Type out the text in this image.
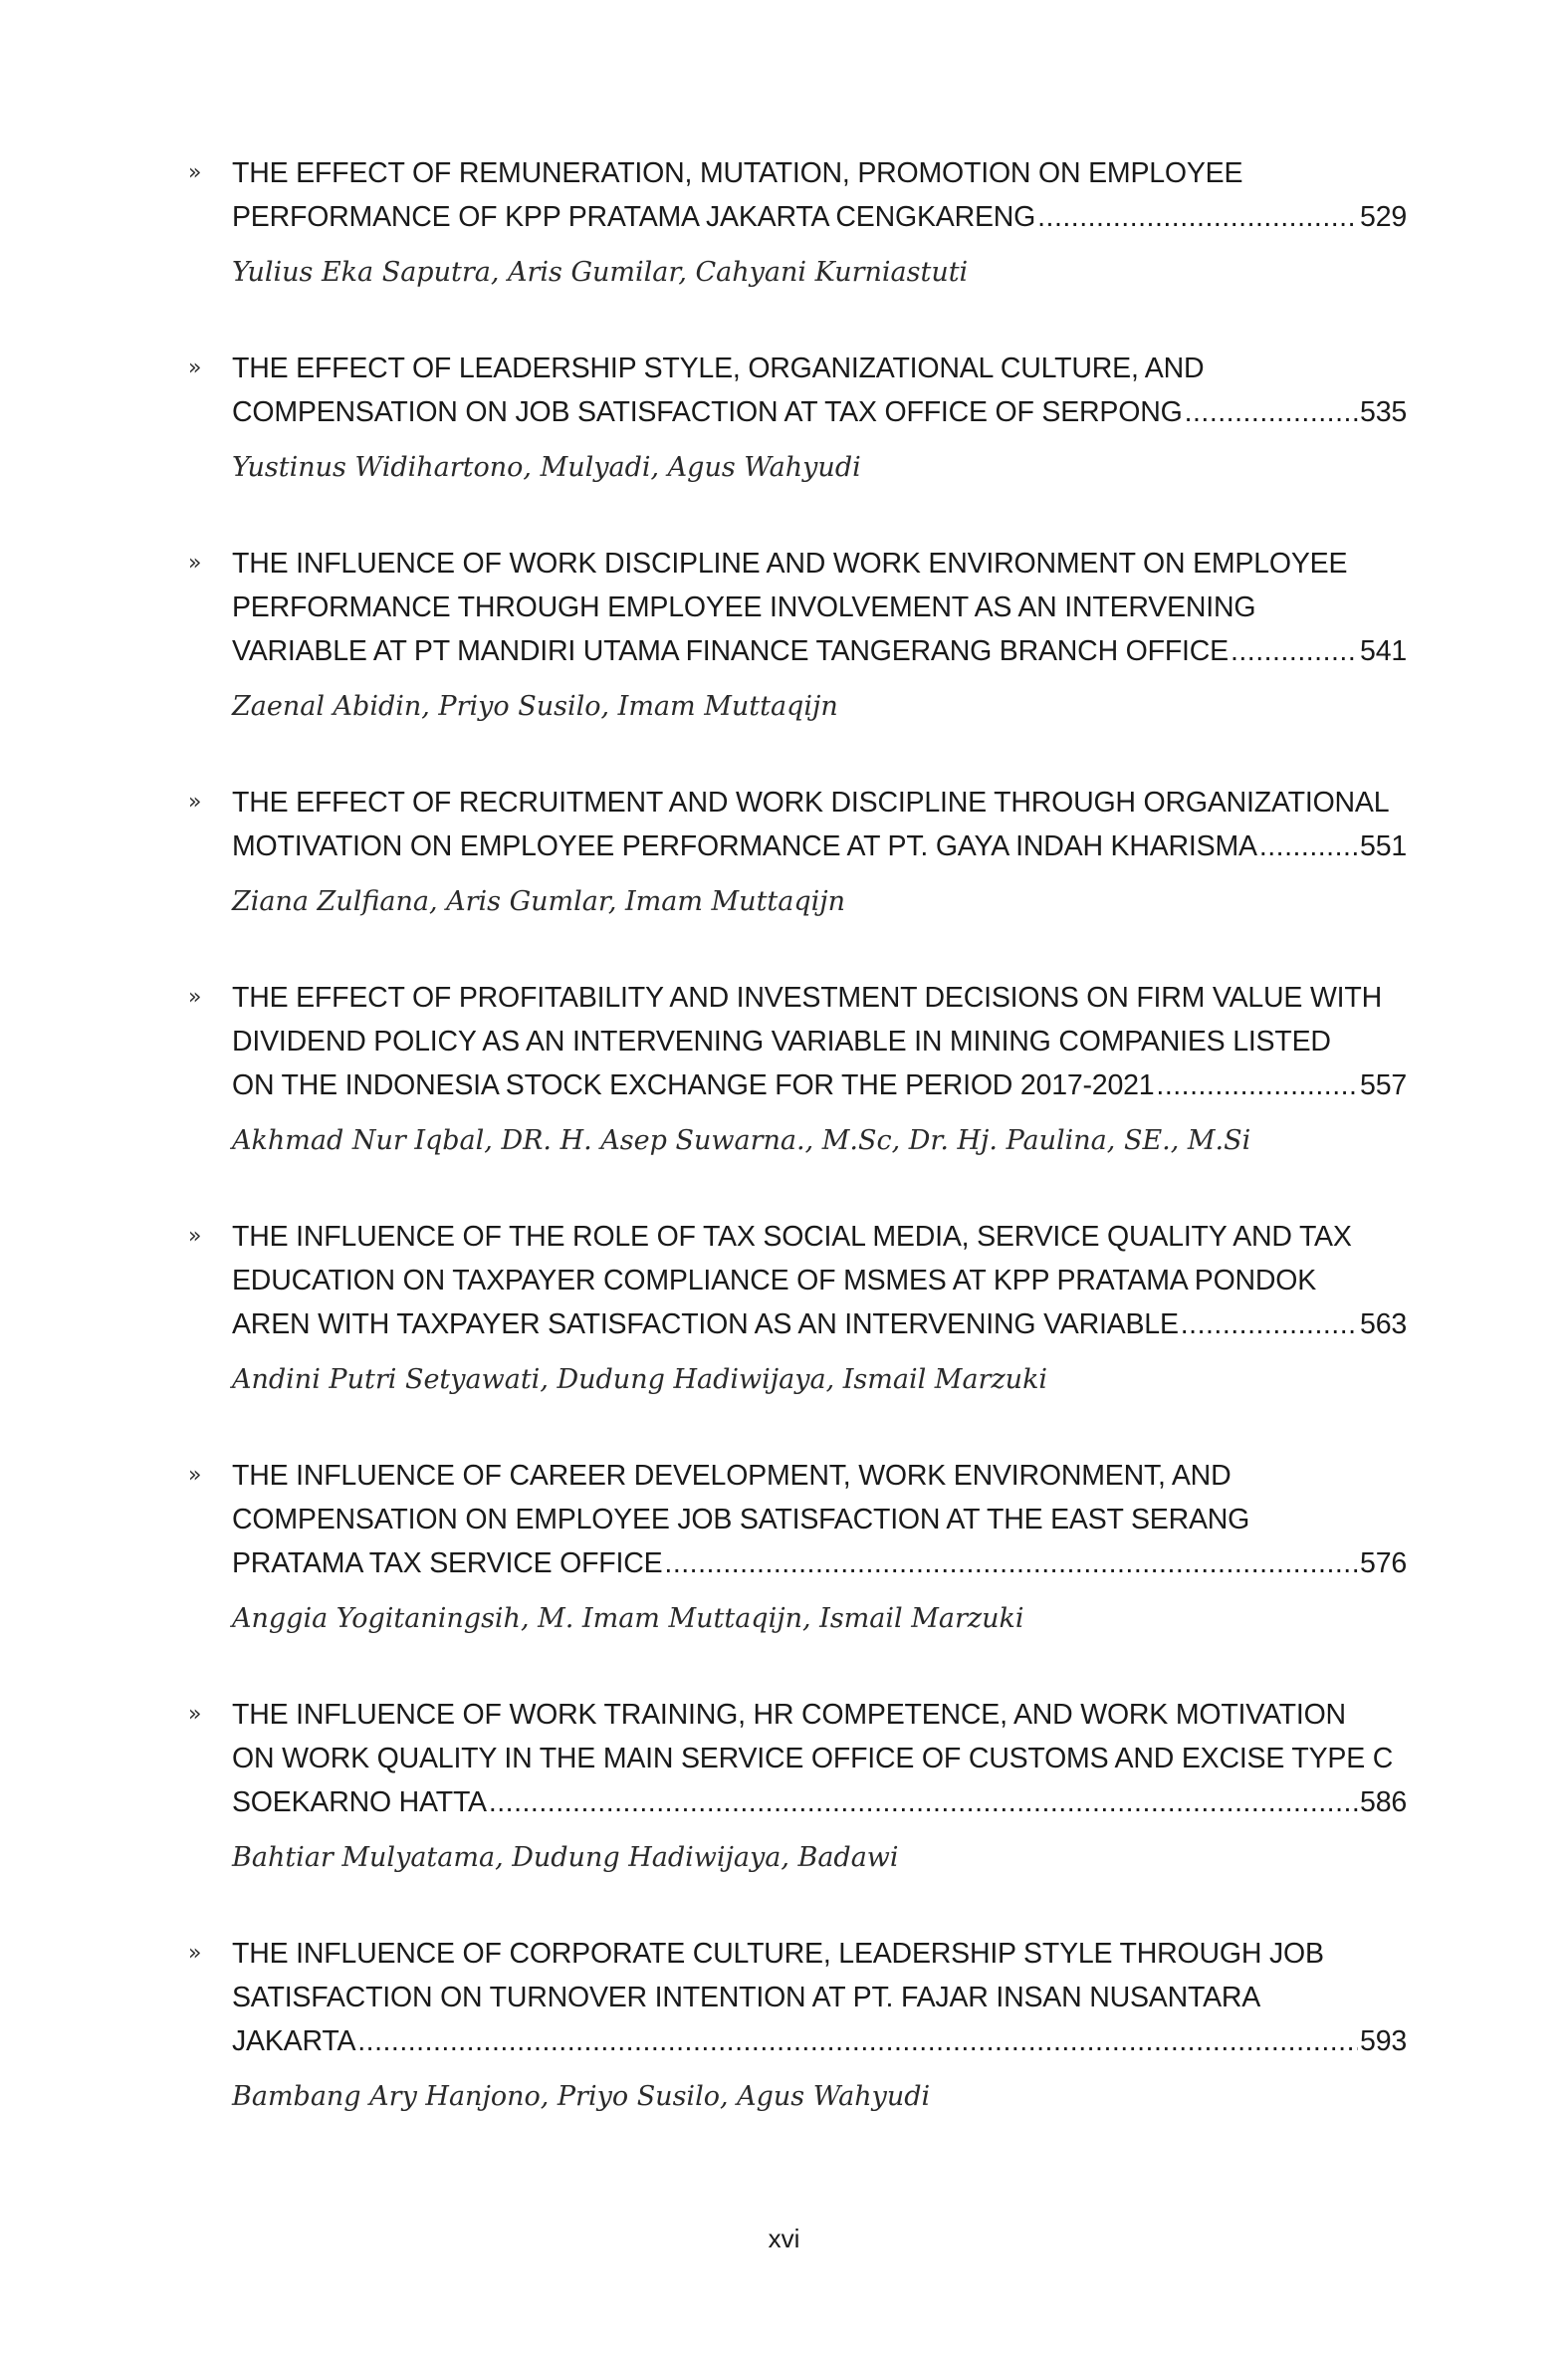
» THE EFFECT OF REMUNERATION, MUTATION, PROMOTION ON EMPLOYEE
PERFORMANCE OF KPP PRATAMA JAKARTA CENGKARENG .....	529
Yulius Eka Saputra, Aris Gumilar, Cahyani Kurniastuti
» THE EFFECT OF LEADERSHIP STYLE, ORGANIZATIONAL CULTURE, AND
COMPENSATION ON JOB SATISFACTION AT TAX OFFICE OF SERPONG .....	535
Yustinus Widihartono, Mulyadi, Agus Wahyudi
» THE INFLUENCE OF WORK DISCIPLINE AND WORK ENVIRONMENT ON EMPLOYEE
PERFORMANCE THROUGH EMPLOYEE INVOLVEMENT AS AN INTERVENING
VARIABLE AT PT MANDIRI UTAMA FINANCE TANGERANG BRANCH OFFICE .....	541
Zaenal Abidin, Priyo Susilo, Imam Muttaqijn
» THE EFFECT OF RECRUITMENT AND WORK DISCIPLINE THROUGH ORGANIZATIONAL
MOTIVATION ON EMPLOYEE PERFORMANCE AT PT. GAYA INDAH KHARISMA .....	551
Ziana Zulfiana, Aris Gumlar, Imam Muttaqijn
» THE EFFECT OF PROFITABILITY AND INVESTMENT DECISIONS ON FIRM VALUE WITH
DIVIDEND POLICY AS AN INTERVENING VARIABLE IN MINING COMPANIES LISTED
ON THE INDONESIA STOCK EXCHANGE FOR THE PERIOD 2017-2021 .....	557
Akhmad Nur Iqbal, DR. H. Asep Suwarna., M.Sc, Dr. Hj. Paulina, SE., M.Si
» THE INFLUENCE OF THE ROLE OF TAX SOCIAL MEDIA, SERVICE QUALITY AND TAX
EDUCATION ON TAXPAYER COMPLIANCE OF MSMES AT KPP PRATAMA PONDOK
AREN WITH TAXPAYER SATISFACTION AS AN INTERVENING VARIABLE .....	563
Andini Putri Setyawati, Dudung Hadiwijaya, Ismail Marzuki
» THE INFLUENCE OF CAREER DEVELOPMENT, WORK ENVIRONMENT, AND
COMPENSATION ON EMPLOYEE JOB SATISFACTION AT THE EAST SERANG
PRATAMA TAX SERVICE OFFICE .....	576
Anggia Yogitaningsih, M. Imam Muttaqijn, Ismail Marzuki
» THE INFLUENCE OF WORK TRAINING, HR COMPETENCE, AND WORK MOTIVATION
ON WORK QUALITY IN THE MAIN SERVICE OFFICE OF CUSTOMS AND EXCISE TYPE C
SOEKARNO HATTA .....	586
Bahtiar Mulyatama, Dudung Hadiwijaya, Badawi
» THE INFLUENCE OF CORPORATE CULTURE, LEADERSHIP STYLE THROUGH JOB
SATISFACTION ON TURNOVER INTENTION AT PT. FAJAR INSAN NUSANTARA
JAKARTA .....	593
Bambang Ary Hanjono, Priyo Susilo, Agus Wahyudi
xvi
